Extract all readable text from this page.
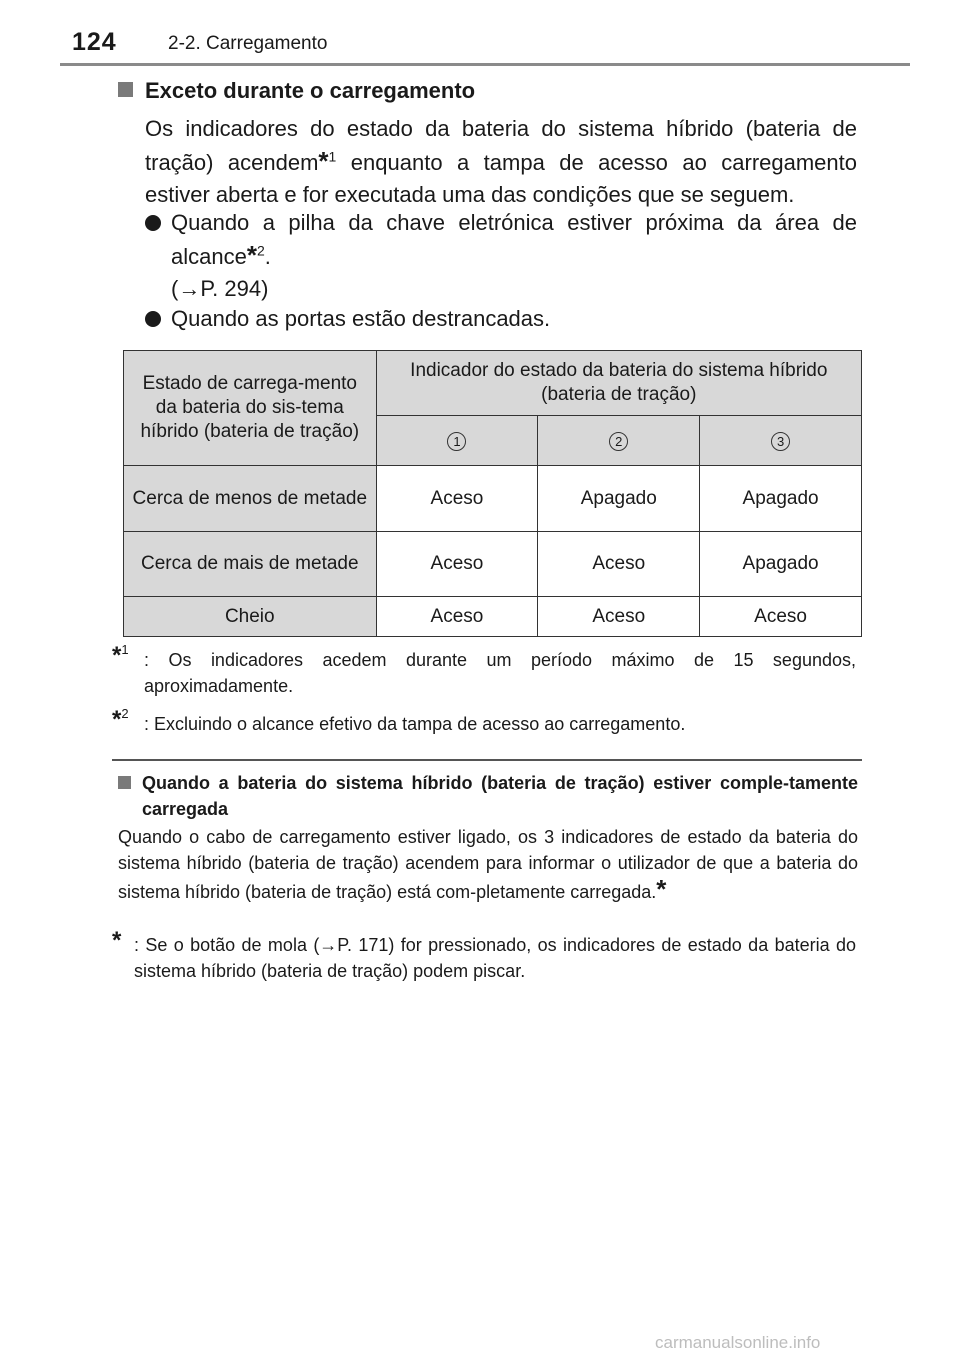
124	2-2. Carregamento
Exceto durante o carregamento
Os indicadores do estado da bateria do sistema híbrido (bateria de tração) acendem*$^1$ enquanto a tampa de acesso ao carregamento estiver aberta e for executada uma das condições que se seguem.
Quando a pilha da chave eletrónica estiver próxima da área de alcance*$^2$.
(→P. 294)
Quando as portas estão destrancadas.
Estado de carrega-mento da bateria do sis-tema híbrido (bateria de tração)	Indicador do estado da bateria do sistema híbrido (bateria de tração)		
	1	2	3
Cerca de menos de metade	Aceso	Apagado	Apagado
Cerca de mais de metade	Aceso	Aceso	Apagado
Cheio	Aceso	Aceso	Aceso
*$^1$
: Os indicadores acedem durante um período máximo de 15 segundos, aproximadamente.
*$^2$
: Excluindo o alcance efetivo da tampa de acesso ao carregamento.
Quando a bateria do sistema híbrido (bateria de tração) estiver comple-tamente carregada
Quando o cabo de carregamento estiver ligado, os 3 indicadores de estado da bateria do sistema híbrido (bateria de tração) acendem para informar o utilizador de que a bateria do sistema híbrido (bateria de tração) está com-pletamente carregada.*
* : Se o botão de mola (→P. 171) for pressionado, os indicadores de estado da bateria do sistema híbrido (bateria de tração) podem piscar.
carmanualsonline.info
